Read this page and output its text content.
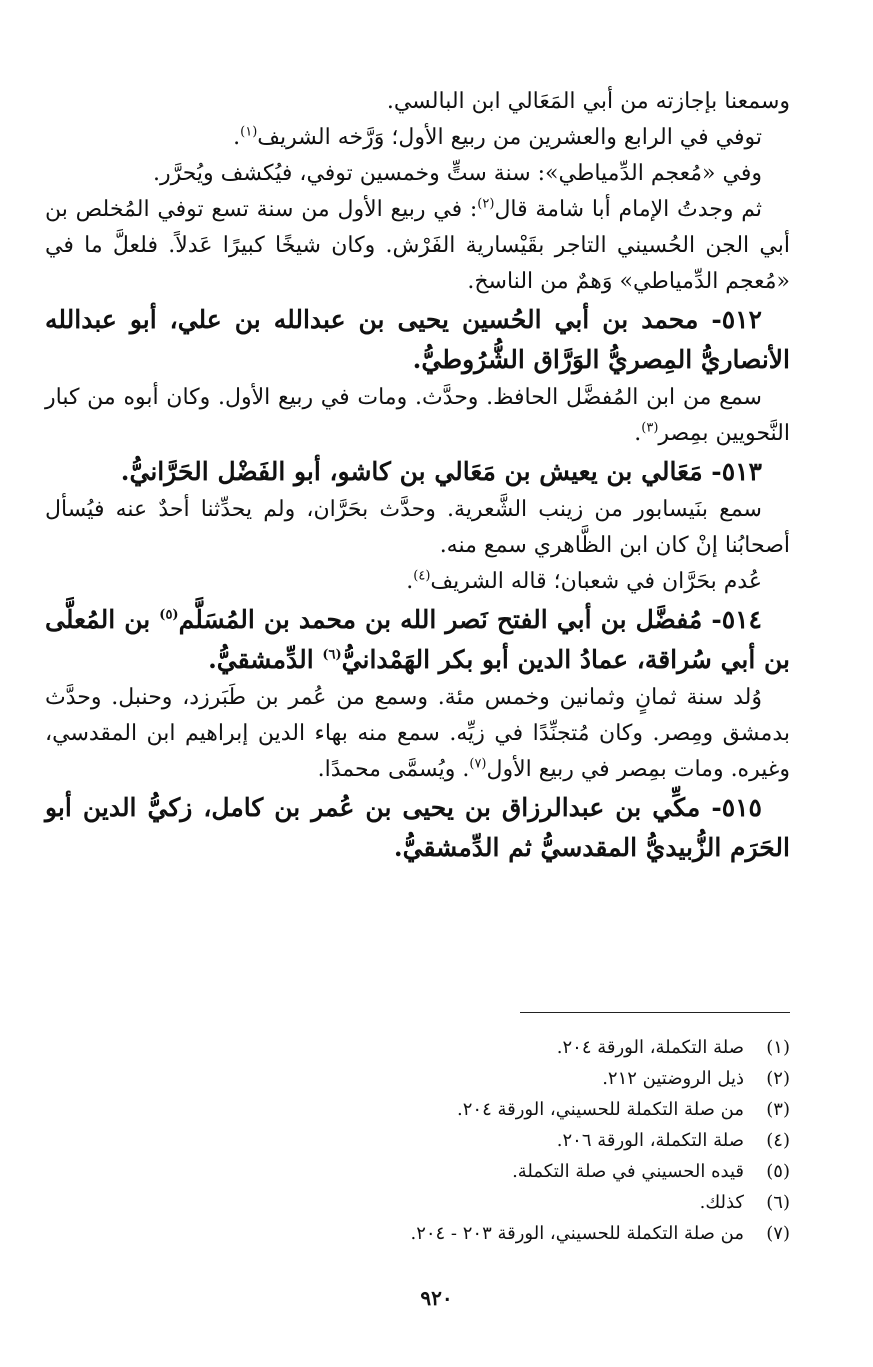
وسمعنا بإجازته من أبي المَعَالي ابن البالسي.

توفي في الرابع والعشرين من ربيع الأول؛ وَرَّخه الشريف$^{(١)}$.

وفي «مُعجم الدِّمياطي»: سنة ستٍّ وخمسين توفي، فيُكشف ويُحرَّر.

ثم وجدتُ الإمام أبا شامة قال$^{(٢)}$: في ربيع الأول من سنة تسع توفي المُخلص بن أبي الجن الحُسيني التاجر بقَيْسارية الفَرْش. وكان شيخًا كبيرًا عَدلاً. فلعلَّ ما في «مُعجم الدِّمياطي» وَهمٌ من الناسخ.

٥١٢- محمد بن أبي الحُسين يحيى بن عبدالله بن علي، أبو عبدالله الأنصاريُّ المِصريُّ الوَرَّاق الشُّرُوطيُّ.

سمع من ابن المُفضَّل الحافظ. وحدَّث. ومات في ربيع الأول. وكان أبوه من كبار النَّحويين بمِصر$^{(٣)}$.

٥١٣- مَعَالي بن يعيش بن مَعَالي بن كاشو، أبو الفَضْل الحَرَّانيُّ.

سمع بنَيسابور من زينب الشَّعرية. وحدَّث بحَرَّان، ولم يحدِّثنا أحدٌ عنه فيُسأل أصحابُنا إنْ كان ابن الظَّاهري سمع منه.

عُدم بحَرَّان في شعبان؛ قاله الشريف$^{(٤)}$.

٥١٤- مُفضَّل بن أبي الفتح نَصر الله بن محمد بن المُسَلَّم$^{(٥)}$ بن المُعلَّى بن أبي سُراقة، عمادُ الدين أبو بكر الهَمْدانيُّ$^{(٦)}$ الدِّمشقيُّ.

وُلد سنة ثمانٍ وثمانين وخمس مئة. وسمع من عُمر بن طَبَرزد، وحنبل. وحدَّث بدمشق ومِصر. وكان مُتجنِّدًا في زيِّه. سمع منه بهاء الدين إبراهيم ابن المقدسي، وغيره. ومات بمِصر في ربيع الأول$^{(٧)}$. ويُسمَّى محمدًا.

٥١٥- مكِّي بن عبدالرزاق بن يحيى بن عُمر بن كامل، زكيُّ الدين أبو الحَرَم الزُّبيديُّ المقدسيُّ ثم الدِّمشقيُّ.

(١)
صلة التكملة، الورقة ٢٠٤.
(٢)
ذيل الروضتين ٢١٢.
(٣)
من صلة التكملة للحسيني، الورقة ٢٠٤.
(٤)
صلة التكملة، الورقة ٢٠٦.
(٥)
قيده الحسيني في صلة التكملة.
(٦)
كذلك.
(٧)
من صلة التكملة للحسيني، الورقة ٢٠٣ - ٢٠٤.
٩٢٠
